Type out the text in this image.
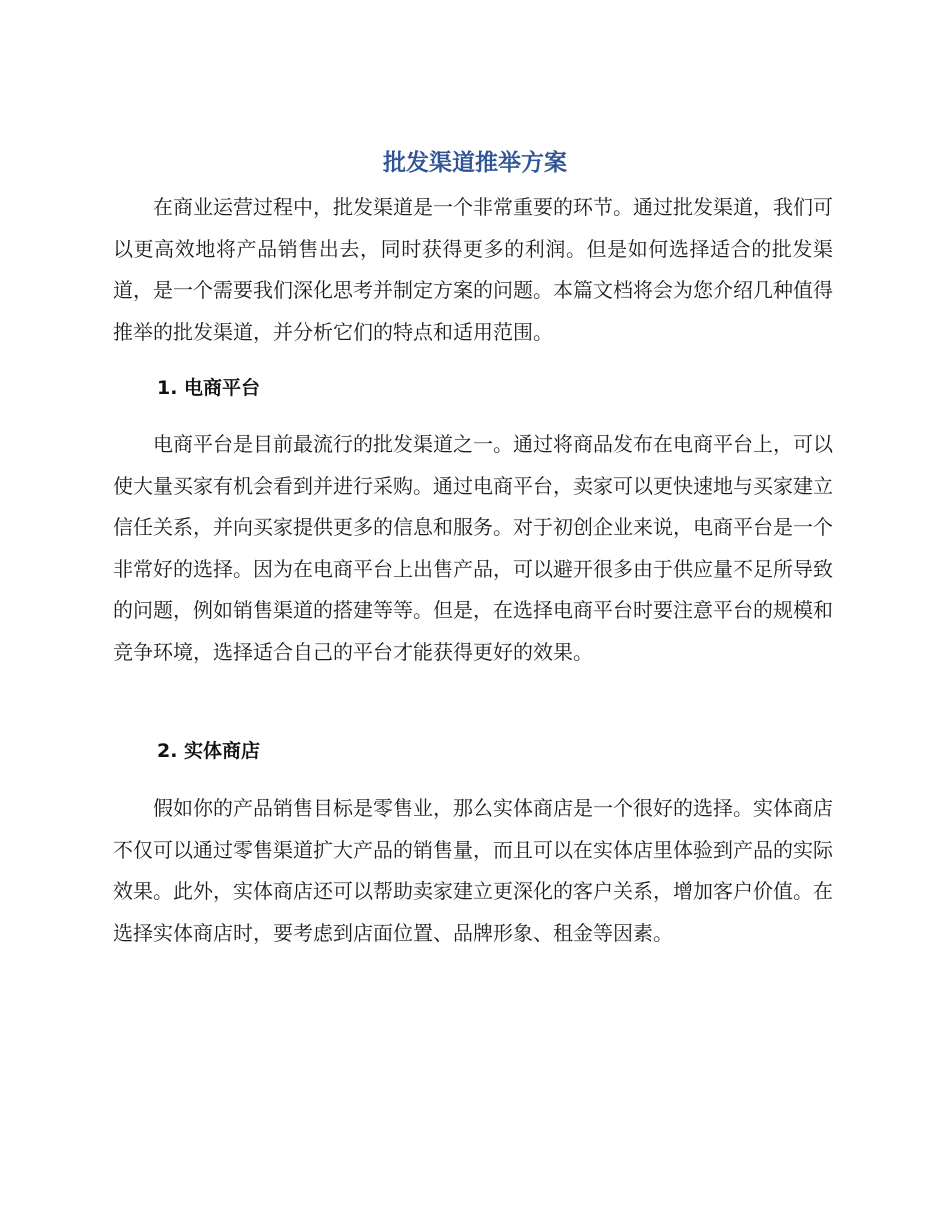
批发渠道推举方案

在商业运营过程中，批发渠道是一个非常重要的环节。通过批发渠道，我们可以更高效地将产品销售出去，同时获得更多的利润。但是如何选择适合的批发渠道，是一个需要我们深化思考并制定方案的问题。本篇文档将会为您介绍几种值得推举的批发渠道，并分析它们的特点和适用范围。

1. 电商平台

电商平台是目前最流行的批发渠道之一。通过将商品发布在电商平台上，可以使大量买家有机会看到并进行采购。通过电商平台，卖家可以更快速地与买家建立信任关系，并向买家提供更多的信息和服务。对于初创企业来说，电商平台是一个非常好的选择。因为在电商平台上出售产品，可以避开很多由于供应量不足所导致的问题，例如销售渠道的搭建等等。但是，在选择电商平台时要注意平台的规模和竞争环境，选择适合自己的平台才能获得更好的效果。

2. 实体商店

假如你的产品销售目标是零售业，那么实体商店是一个很好的选择。实体商店不仅可以通过零售渠道扩大产品的销售量，而且可以在实体店里体验到产品的实际效果。此外，实体商店还可以帮助卖家建立更深化的客户关系，增加客户价值。在选择实体商店时，要考虑到店面位置、品牌形象、租金等因素。
